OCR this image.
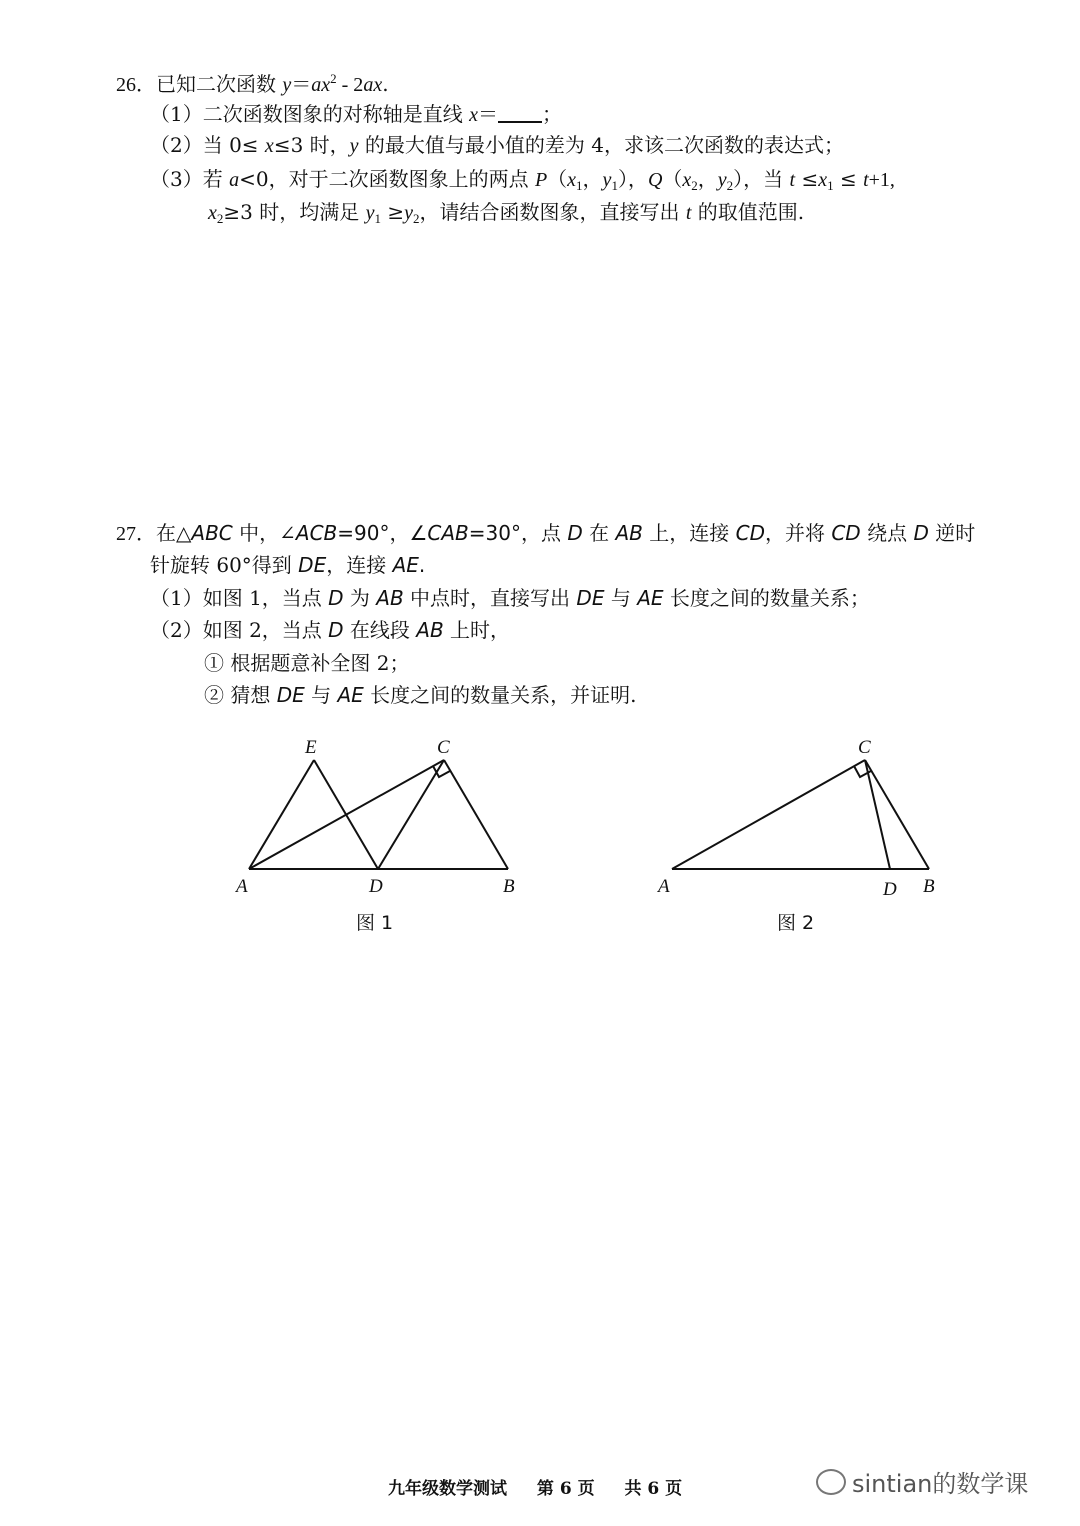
26．已知二次函数 $y=ax^2 - 2ax$.
（1）二次函数图象的对称轴是直线 x＝ ；
（2）当 0≤ x≤3 时，y 的最大值与最小值的差为 4，求该二次函数的表达式；
（3）若 a<0，对于二次函数图象上的两点 $P(x_1$，$y_1$），$Q(x_2$，$y_2$），当 $t \le x_1 \le t+1$,
$x_2\ge 3$ 时，均满足 $y_1 \ge y_2$，请结合函数图象，直接写出 t 的取值范围.
27．在△ABC 中，∠ACB=90°，∠CAB=30°，点 D 在 AB 上，连接 CD，并将 CD 绕点 D 逆时
针旋转 60°得到 DE，连接 AE.
（1）如图 1，当点 D 为 AB 中点时，直接写出 DE 与 AE 长度之间的数量关系；
（2）如图 2，当点 D 在线段 AB 上时，
① 根据题意补全图 2；
② 猜想 DE 与 AE 长度之间的数量关系，并证明.
E	C
A	D	B
C
A	D B
图 1	图 2
九年级数学测试 第 6 页 共 6 页	sintian的数学课
